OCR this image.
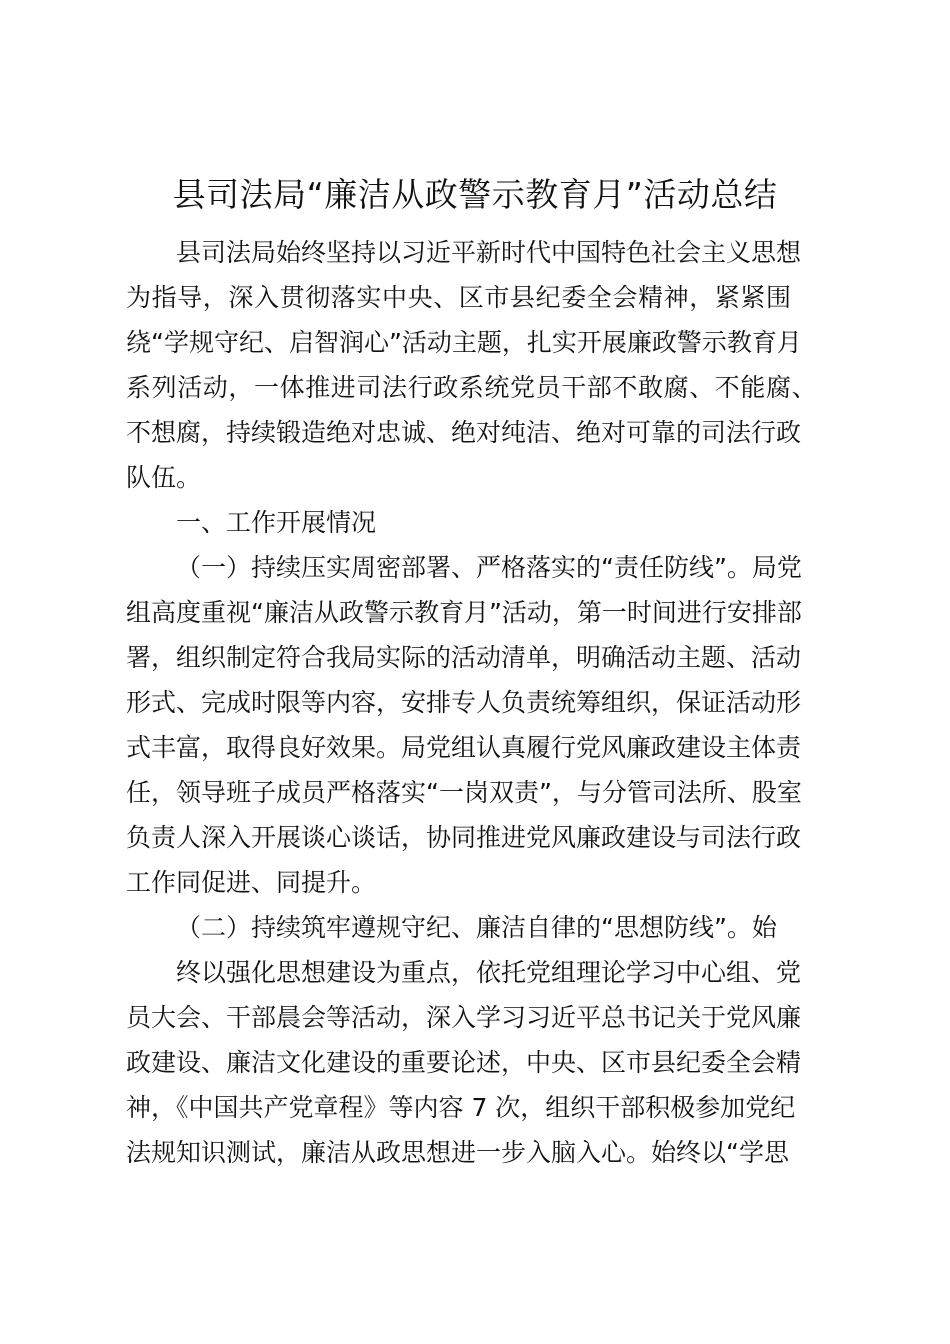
县司法局“廉洁从政警示教育月”活动总结
县司法局始终坚持以习近平新时代中国特色社会主义思想
为指导，深入贯彻落实中央、区市县纪委全会精神，紧紧围
绕“学规守纪、启智润心”活动主题，扎实开展廉政警示教育月
系列活动，一体推进司法行政系统党员干部不敢腐、不能腐、
不想腐，持续锻造绝对忠诚、绝对纯洁、绝对可靠的司法行政
队伍。
一、工作开展情况
（一）持续压实周密部署、严格落实的“责任防线”。局党
组高度重视“廉洁从政警示教育月”活动，第一时间进行安排部
署，组织制定符合我局实际的活动清单，明确活动主题、活动
形式、完成时限等内容，安排专人负责统筹组织，保证活动形
式丰富，取得良好效果。局党组认真履行党风廉政建设主体责
任，领导班子成员严格落实“一岗双责”，与分管司法所、股室
负责人深入开展谈心谈话，协同推进党风廉政建设与司法行政
工作同促进、同提升。
（二）持续筑牢遵规守纪、廉洁自律的“思想防线”。始
终以强化思想建设为重点，依托党组理论学习中心组、党
员大会、干部晨会等活动，深入学习习近平总书记关于党风廉
政建设、廉洁文化建设的重要论述，中央、区市县纪委全会精
神，《中国共产党章程》等内容 7 次，组织干部积极参加党纪
法规知识测试，廉洁从政思想进一步入脑入心。始终以“学思
